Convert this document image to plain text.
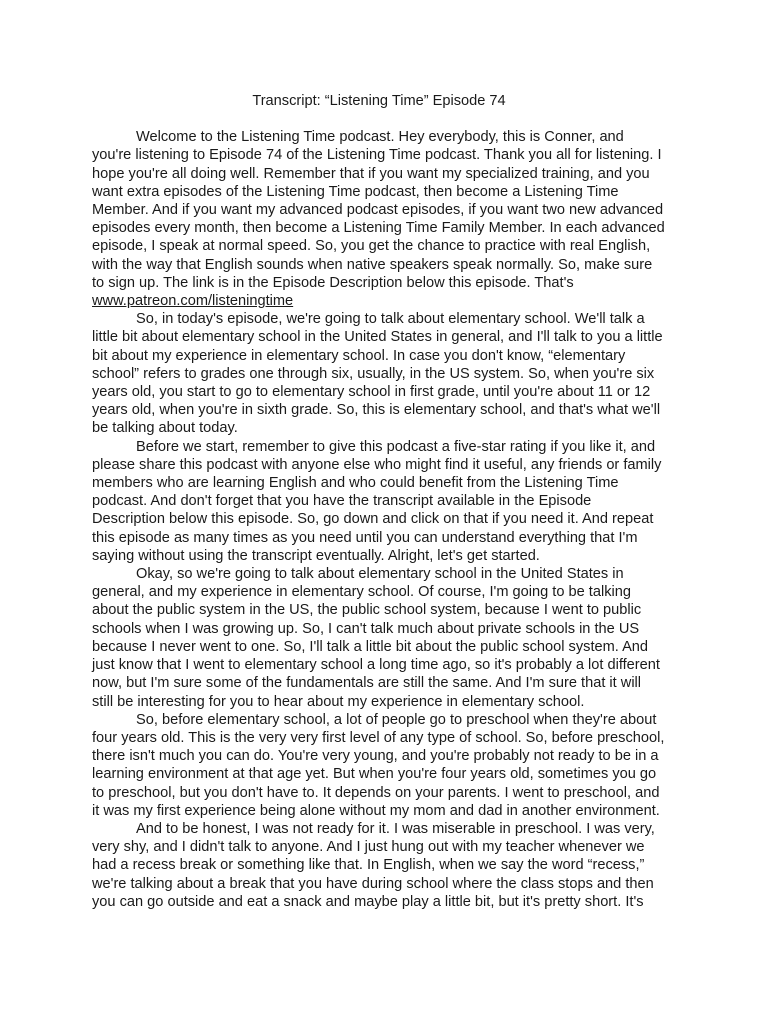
Transcript: “Listening Time” Episode 74

Welcome to the Listening Time podcast. Hey everybody, this is Conner, and you're listening to Episode 74 of the Listening Time podcast. Thank you all for listening. I hope you're all doing well. Remember that if you want my specialized training, and you want extra episodes of the Listening Time podcast, then become a Listening Time Member. And if you want my advanced podcast episodes, if you want two new advanced episodes every month, then become a Listening Time Family Member. In each advanced episode, I speak at normal speed. So, you get the chance to practice with real English, with the way that English sounds when native speakers speak normally. So, make sure to sign up. The link is in the Episode Description below this episode. That's www.patreon.com/listeningtime

So, in today's episode, we're going to talk about elementary school. We'll talk a little bit about elementary school in the United States in general, and I'll talk to you a little bit about my experience in elementary school. In case you don't know, “elementary school” refers to grades one through six, usually, in the US system. So, when you're six years old, you start to go to elementary school in first grade, until you're about 11 or 12 years old, when you're in sixth grade. So, this is elementary school, and that's what we'll be talking about today.

Before we start, remember to give this podcast a five-star rating if you like it, and please share this podcast with anyone else who might find it useful, any friends or family members who are learning English and who could benefit from the Listening Time podcast. And don't forget that you have the transcript available in the Episode Description below this episode. So, go down and click on that if you need it. And repeat this episode as many times as you need until you can understand everything that I'm saying without using the transcript eventually. Alright, let's get started.

Okay, so we're going to talk about elementary school in the United States in general, and my experience in elementary school. Of course, I'm going to be talking about the public system in the US, the public school system, because I went to public schools when I was growing up. So, I can't talk much about private schools in the US because I never went to one. So, I'll talk a little bit about the public school system. And just know that I went to elementary school a long time ago, so it's probably a lot different now, but I'm sure some of the fundamentals are still the same. And I'm sure that it will still be interesting for you to hear about my experience in elementary school.

So, before elementary school, a lot of people go to preschool when they're about four years old. This is the very very first level of any type of school. So, before preschool, there isn't much you can do. You're very young, and you're probably not ready to be in a learning environment at that age yet. But when you're four years old, sometimes you go to preschool, but you don't have to. It depends on your parents. I went to preschool, and it was my first experience being alone without my mom and dad in another environment.

And to be honest, I was not ready for it. I was miserable in preschool. I was very, very shy, and I didn't talk to anyone. And I just hung out with my teacher whenever we had a recess break or something like that. In English, when we say the word “recess,” we're talking about a break that you have during school where the class stops and then you can go outside and eat a snack and maybe play a little bit, but it's pretty short. It's
